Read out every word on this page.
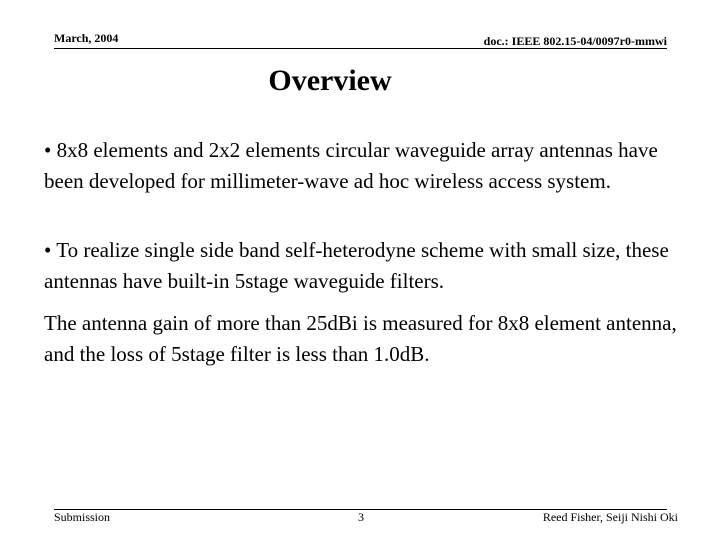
March, 2004	doc.: IEEE 802.15-04/0097r0-mmwi
Overview
• 8x8 elements and 2x2 elements circular waveguide array antennas have been developed for millimeter-wave ad hoc wireless access system.
• To realize single side band self-heterodyne scheme with small size, these antennas have built-in 5stage waveguide filters.
The antenna gain of more than 25dBi is measured for 8x8 element antenna, and the loss of 5stage filter is less than 1.0dB.
Submission	3	Reed Fisher, Seiji Nishi Oki
